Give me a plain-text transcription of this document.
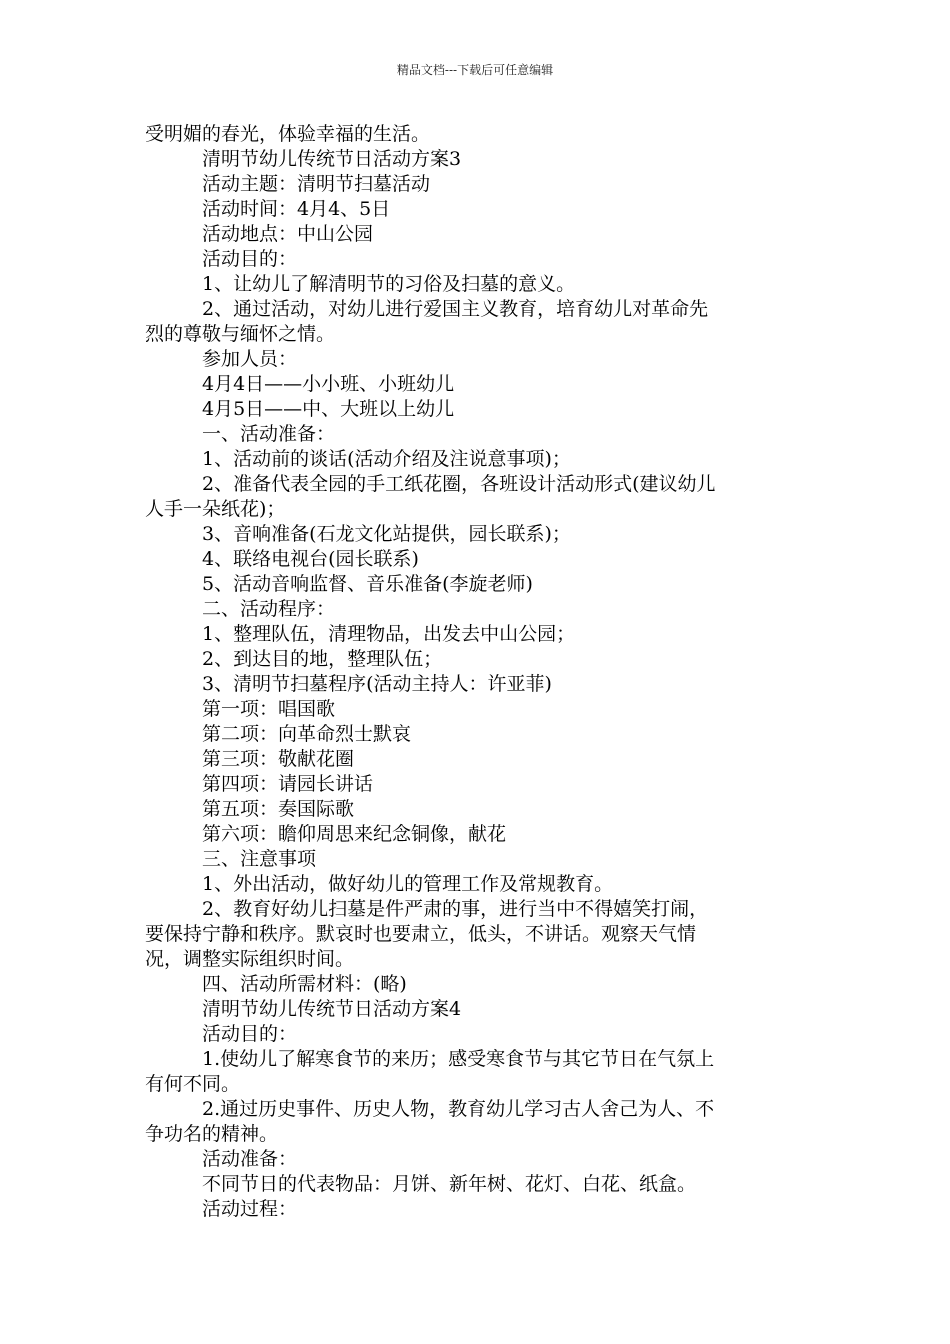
精品文档---下载后可任意编辑
受明媚的春光，体验幸福的生活。
清明节幼儿传统节日活动方案3
活动主题：清明节扫墓活动
活动时间：4月4、5日
活动地点：中山公园
活动目的：
1、让幼儿了解清明节的习俗及扫墓的意义。
2、通过活动，对幼儿进行爱国主义教育，培育幼儿对革命先
烈的尊敬与缅怀之情。
参加人员：
4月4日——小小班、小班幼儿
4月5日——中、大班以上幼儿
一、活动准备：
1、活动前的谈话(活动介绍及注说意事项)；
2、准备代表全园的手工纸花圈，各班设计活动形式(建议幼儿
人手一朵纸花)；
3、音响准备(石龙文化站提供，园长联系)；
4、联络电视台(园长联系)
5、活动音响监督、音乐准备(李旋老师)
二、活动程序：
1、整理队伍，清理物品，出发去中山公园；
2、到达目的地，整理队伍；
3、清明节扫墓程序(活动主持人：许亚菲)
第一项：唱国歌
第二项：向革命烈士默哀
第三项：敬献花圈
第四项：请园长讲话
第五项：奏国际歌
第六项：瞻仰周思来纪念铜像，献花
三、注意事项
1、外出活动，做好幼儿的管理工作及常规教育。
2、教育好幼儿扫墓是件严肃的事，进行当中不得嬉笑打闹，
要保持宁静和秩序。默哀时也要肃立，低头，不讲话。观察天气情
况，调整实际组织时间。
四、活动所需材料：(略)
清明节幼儿传统节日活动方案4
活动目的：
1.使幼儿了解寒食节的来历；感受寒食节与其它节日在气氛上
有何不同。
2.通过历史事件、历史人物，教育幼儿学习古人舍己为人、不
争功名的精神。
活动准备：
不同节日的代表物品：月饼、新年树、花灯、白花、纸盒。
活动过程：
